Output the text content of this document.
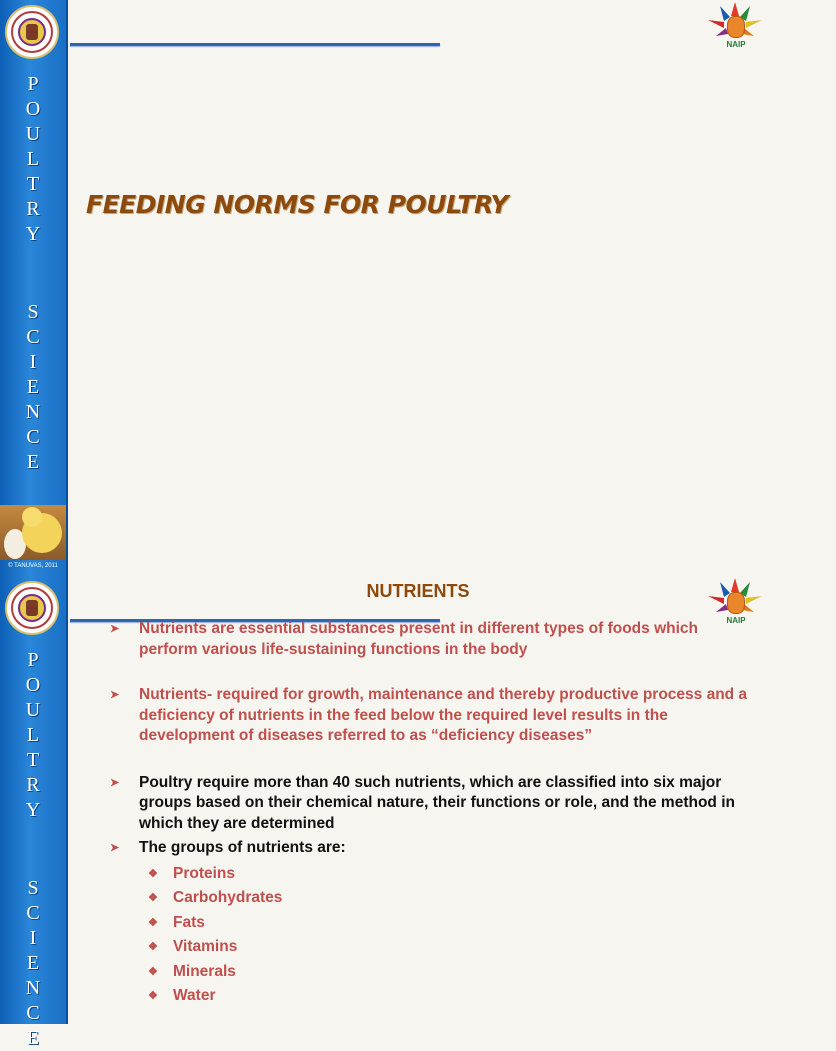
P
O
U
L
T
R
Y
S
C
I
E
N
C
E
© TANUVAS, 2011
NAIP
FEEDING NORMS FOR POULTRY
P
O
U
L
T
R
Y
S
C
I
E
N
C
E
NAIP
NUTRIENTS
➤ Nutrients are essential substances present in different types of foods which perform various life-sustaining functions in the body
➤ Nutrients- required for growth, maintenance and thereby productive process and a deficiency of nutrients in the feed below the required level results in the development of diseases referred to as “deficiency diseases”
➤ Poultry require more than 40 such nutrients, which are classified into six major groups based on their chemical nature, their functions or role, and the method in which they are determined
➤ The groups of nutrients are:
❖ Proteins
❖ Carbohydrates
❖ Fats
❖ Vitamins
❖ Minerals
❖ Water
